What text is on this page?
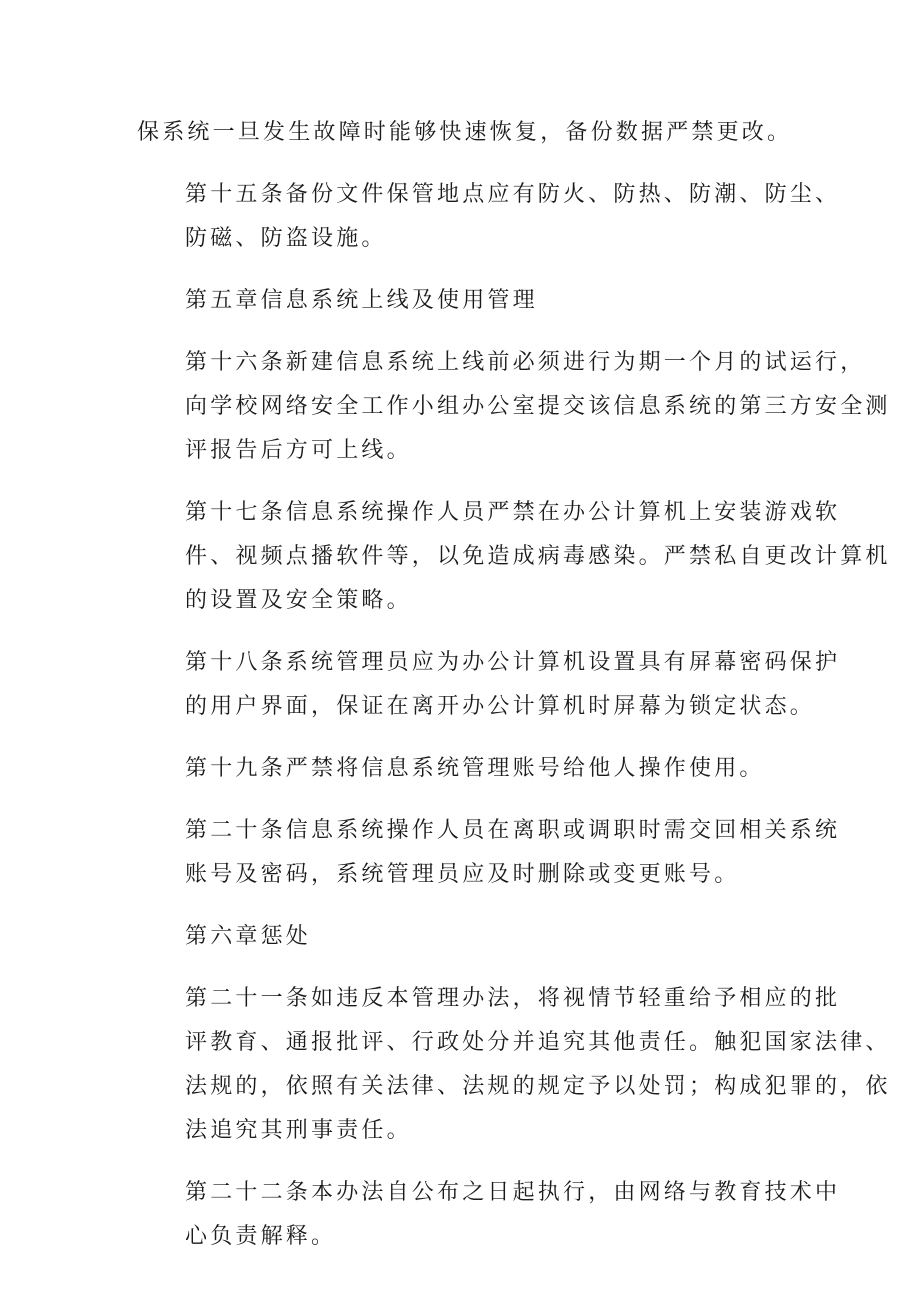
保系统一旦发生故障时能够快速恢复，备份数据严禁更改。

第十五条备份文件保管地点应有防火、防热、防潮、防尘、
防磁、防盗设施。

第五章信息系统上线及使用管理

第十六条新建信息系统上线前必须进行为期一个月的试运行，
向学校网络安全工作小组办公室提交该信息系统的第三方安全测
评报告后方可上线。

第十七条信息系统操作人员严禁在办公计算机上安装游戏软
件、视频点播软件等，以免造成病毒感染。严禁私自更改计算机
的设置及安全策略。

第十八条系统管理员应为办公计算机设置具有屏幕密码保护
的用户界面，保证在离开办公计算机时屏幕为锁定状态。

第十九条严禁将信息系统管理账号给他人操作使用。

第二十条信息系统操作人员在离职或调职时需交回相关系统
账号及密码，系统管理员应及时删除或变更账号。

第六章惩处

第二十一条如违反本管理办法，将视情节轻重给予相应的批
评教育、通报批评、行政处分并追究其他责任。触犯国家法律、
法规的，依照有关法律、法规的规定予以处罚；构成犯罪的，依
法追究其刑事责任。

第二十二条本办法自公布之日起执行，由网络与教育技术中
心负责解释。
